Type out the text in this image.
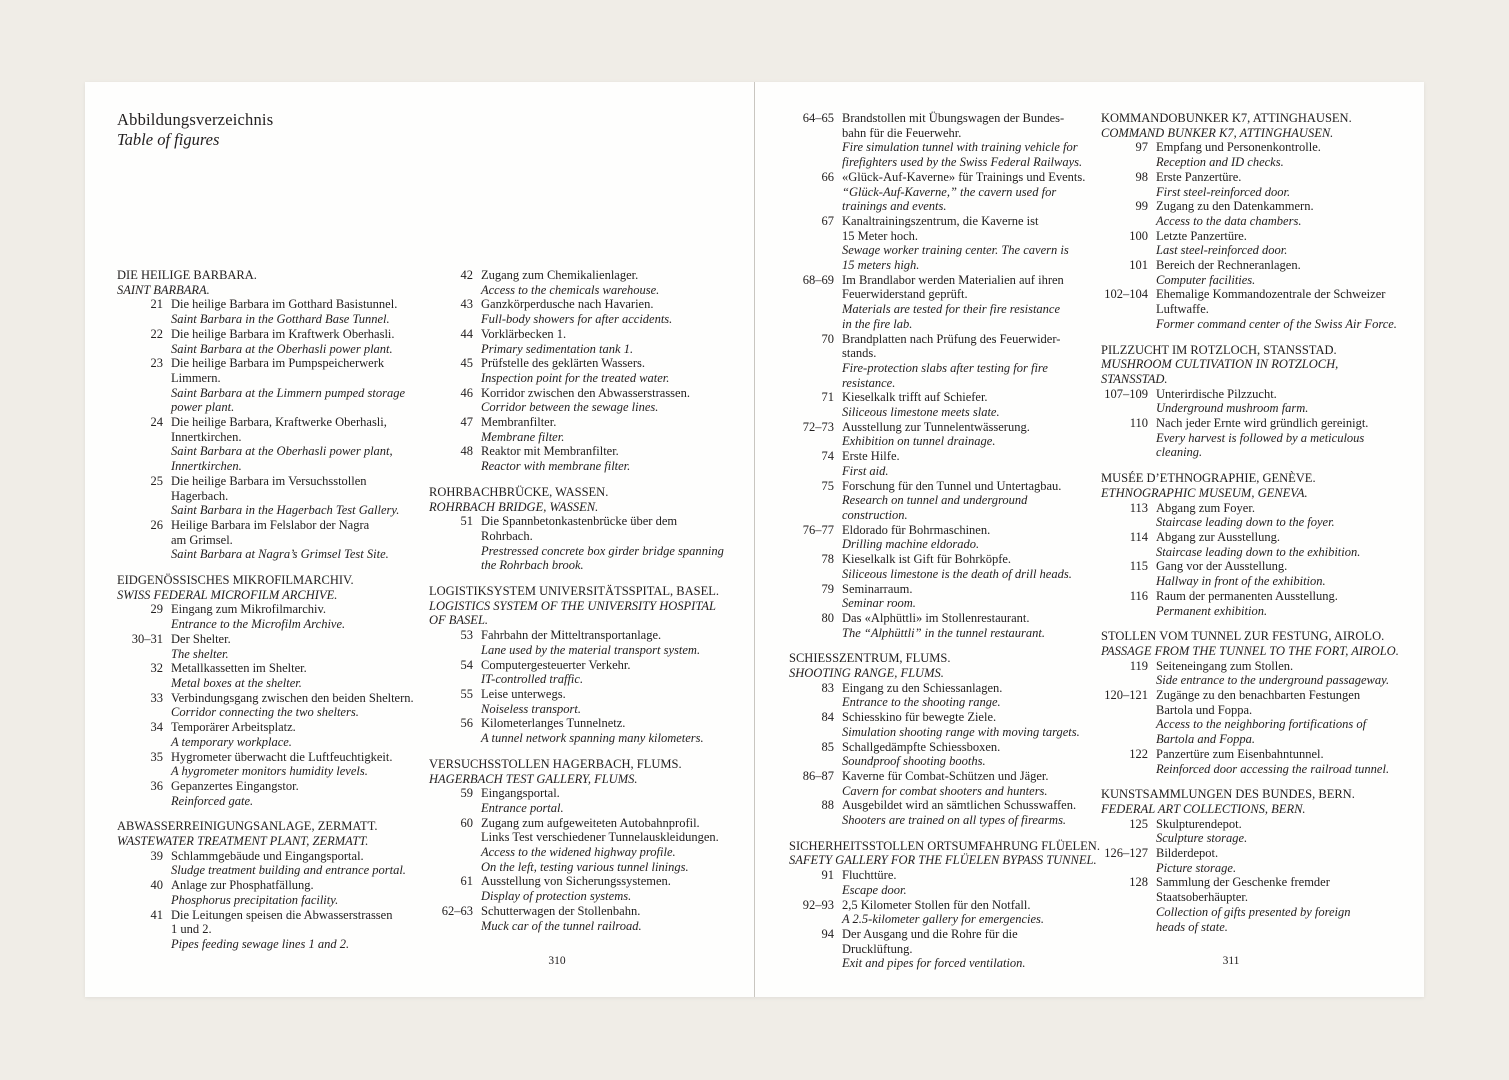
Abbildungsverzeichnis
Table of figures
DIE HEILIGE BARBARA.
SAINT BARBARA.
21 Die heilige Barbara im Gotthard Basistunnel.
Saint Barbara in the Gotthard Base Tunnel.
22 Die heilige Barbara im Kraftwerk Oberhasli.
Saint Barbara at the Oberhasli power plant.
23 Die heilige Barbara im Pumpspeicherwerk
Limmern.
Saint Barbara at the Limmern pumped storage
power plant.
24 Die heilige Barbara, Kraftwerke Oberhasli,
Innertkirchen.
Saint Barbara at the Oberhasli power plant,
Innertkirchen.
25 Die heilige Barbara im Versuchsstollen
Hagerbach.
Saint Barbara in the Hagerbach Test Gallery.
26 Heilige Barbara im Felslabor der Nagra
am Grimsel.
Saint Barbara at Nagra’s Grimsel Test Site.
EIDGENÖSSISCHES MIKROFILMARCHIV.
SWISS FEDERAL MICROFILM ARCHIVE.
29 Eingang zum Mikrofilmarchiv.
Entrance to the Microfilm Archive.
30–31 Der Shelter.
The shelter.
32 Metallkassetten im Shelter.
Metal boxes at the shelter.
33 Verbindungsgang zwischen den beiden Sheltern.
Corridor connecting the two shelters.
34 Temporärer Arbeitsplatz.
A temporary workplace.
35 Hygrometer überwacht die Luftfeuchtigkeit.
A hygrometer monitors humidity levels.
36 Gepanzertes Eingangstor.
Reinforced gate.
ABWASSERREINIGUNGSANLAGE, ZERMATT.
WASTEWATER TREATMENT PLANT, ZERMATT.
39 Schlammgebäude und Eingangsportal.
Sludge treatment building and entrance portal.
40 Anlage zur Phosphatfällung.
Phosphorus precipitation facility.
41 Die Leitungen speisen die Abwasserstrassen
1 und 2.
Pipes feeding sewage lines 1 and 2.
42 Zugang zum Chemikalienlager.
Access to the chemicals warehouse.
43 Ganzkörperdusche nach Havarien.
Full-body showers for after accidents.
44 Vorklärbecken 1.
Primary sedimentation tank 1.
45 Prüfstelle des geklärten Wassers.
Inspection point for the treated water.
46 Korridor zwischen den Abwasserstrassen.
Corridor between the sewage lines.
47 Membranfilter.
Membrane filter.
48 Reaktor mit Membranfilter.
Reactor with membrane filter.
ROHRBACHBRÜCKE, WASSEN.
ROHRBACH BRIDGE, WASSEN.
51 Die Spannbetonkastenbrücke über dem
Rohrbach.
Prestressed concrete box girder bridge spanning
the Rohrbach brook.
LOGISTIKSYSTEM UNIVERSITÄTSSPITAL, BASEL.
LOGISTICS SYSTEM OF THE UNIVERSITY HOSPITAL
OF BASEL.
53 Fahrbahn der Mitteltransportanlage.
Lane used by the material transport system.
54 Computergesteuerter Verkehr.
IT-controlled traffic.
55 Leise unterwegs.
Noiseless transport.
56 Kilometerlanges Tunnelnetz.
A tunnel network spanning many kilometers.
VERSUCHSSTOLLEN HAGERBACH, FLUMS.
HAGERBACH TEST GALLERY, FLUMS.
59 Eingangsportal.
Entrance portal.
60 Zugang zum aufgeweiteten Autobahnprofil.
Links Test verschiedener Tunnelauskleidungen.
Access to the widened highway profile.
On the left, testing various tunnel linings.
61 Ausstellung von Sicherungssystemen.
Display of protection systems.
62–63 Schutterwagen der Stollenbahn.
Muck car of the tunnel railroad.
310
64–65 Brandstollen mit Übungswagen der Bundes-
bahn für die Feuerwehr.
Fire simulation tunnel with training vehicle for
firefighters used by the Swiss Federal Railways.
66 «Glück-Auf-Kaverne» für Trainings und Events.
“Glück-Auf-Kaverne,” the cavern used for
trainings and events.
67 Kanaltrainingszentrum, die Kaverne ist
15 Meter hoch.
Sewage worker training center. The cavern is
15 meters high.
68–69 Im Brandlabor werden Materialien auf ihren
Feuerwiderstand geprüft.
Materials are tested for their fire resistance
in the fire lab.
70 Brandplatten nach Prüfung des Feuerwider-
stands.
Fire-protection slabs after testing for fire
resistance.
71 Kieselkalk trifft auf Schiefer.
Siliceous limestone meets slate.
72–73 Ausstellung zur Tunnelentwässerung.
Exhibition on tunnel drainage.
74 Erste Hilfe.
First aid.
75 Forschung für den Tunnel und Untertagbau.
Research on tunnel and underground
construction.
76–77 Eldorado für Bohrmaschinen.
Drilling machine eldorado.
78 Kieselkalk ist Gift für Bohrköpfe.
Siliceous limestone is the death of drill heads.
79 Seminarraum.
Seminar room.
80 Das «Alphüttli» im Stollenrestaurant.
The “Alphüttli” in the tunnel restaurant.
SCHIESSZENTRUM, FLUMS.
SHOOTING RANGE, FLUMS.
83 Eingang zu den Schiessanlagen.
Entrance to the shooting range.
84 Schiesskino für bewegte Ziele.
Simulation shooting range with moving targets.
85 Schallgedämpfte Schiessboxen.
Soundproof shooting booths.
86–87 Kaverne für Combat-Schützen und Jäger.
Cavern for combat shooters and hunters.
88 Ausgebildet wird an sämtlichen Schusswaffen.
Shooters are trained on all types of firearms.
SICHERHEITSSTOLLEN ORTSUMFAHRUNG FLÜELEN.
SAFETY GALLERY FOR THE FLÜELEN BYPASS TUNNEL.
91 Fluchttüre.
Escape door.
92–93 2,5 Kilometer Stollen für den Notfall.
A 2.5-kilometer gallery for emergencies.
94 Der Ausgang und die Rohre für die
Drucklüftung.
Exit and pipes for forced ventilation.
KOMMANDOBUNKER K7, ATTINGHAUSEN.
COMMAND BUNKER K7, ATTINGHAUSEN.
97 Empfang und Personenkontrolle.
Reception and ID checks.
98 Erste Panzertüre.
First steel-reinforced door.
99 Zugang zu den Datenkammern.
Access to the data chambers.
100 Letzte Panzertüre.
Last steel-reinforced door.
101 Bereich der Rechneranlagen.
Computer facilities.
102–104 Ehemalige Kommandozentrale der Schweizer
Luftwaffe.
Former command center of the Swiss Air Force.
PILZZUCHT IM ROTZLOCH, STANSSTAD.
MUSHROOM CULTIVATION IN ROTZLOCH,
STANSSTAD.
107–109 Unterirdische Pilzzucht.
Underground mushroom farm.
110 Nach jeder Ernte wird gründlich gereinigt.
Every harvest is followed by a meticulous
cleaning.
MUSÉE D’ETHNOGRAPHIE, GENÈVE.
ETHNOGRAPHIC MUSEUM, GENEVA.
113 Abgang zum Foyer.
Staircase leading down to the foyer.
114 Abgang zur Ausstellung.
Staircase leading down to the exhibition.
115 Gang vor der Ausstellung.
Hallway in front of the exhibition.
116 Raum der permanenten Ausstellung.
Permanent exhibition.
STOLLEN VOM TUNNEL ZUR FESTUNG, AIROLO.
PASSAGE FROM THE TUNNEL TO THE FORT, AIROLO.
119 Seiteneingang zum Stollen.
Side entrance to the underground passageway.
120–121 Zugänge zu den benachbarten Festungen
Bartola und Foppa.
Access to the neighboring fortifications of
Bartola and Foppa.
122 Panzertüre zum Eisenbahntunnel.
Reinforced door accessing the railroad tunnel.
KUNSTSAMMLUNGEN DES BUNDES, BERN.
FEDERAL ART COLLECTIONS, BERN.
125 Skulpturendepot.
Sculpture storage.
126–127 Bilderdepot.
Picture storage.
128 Sammlung der Geschenke fremder
Staatsoberhäupter.
Collection of gifts presented by foreign
heads of state.
311
